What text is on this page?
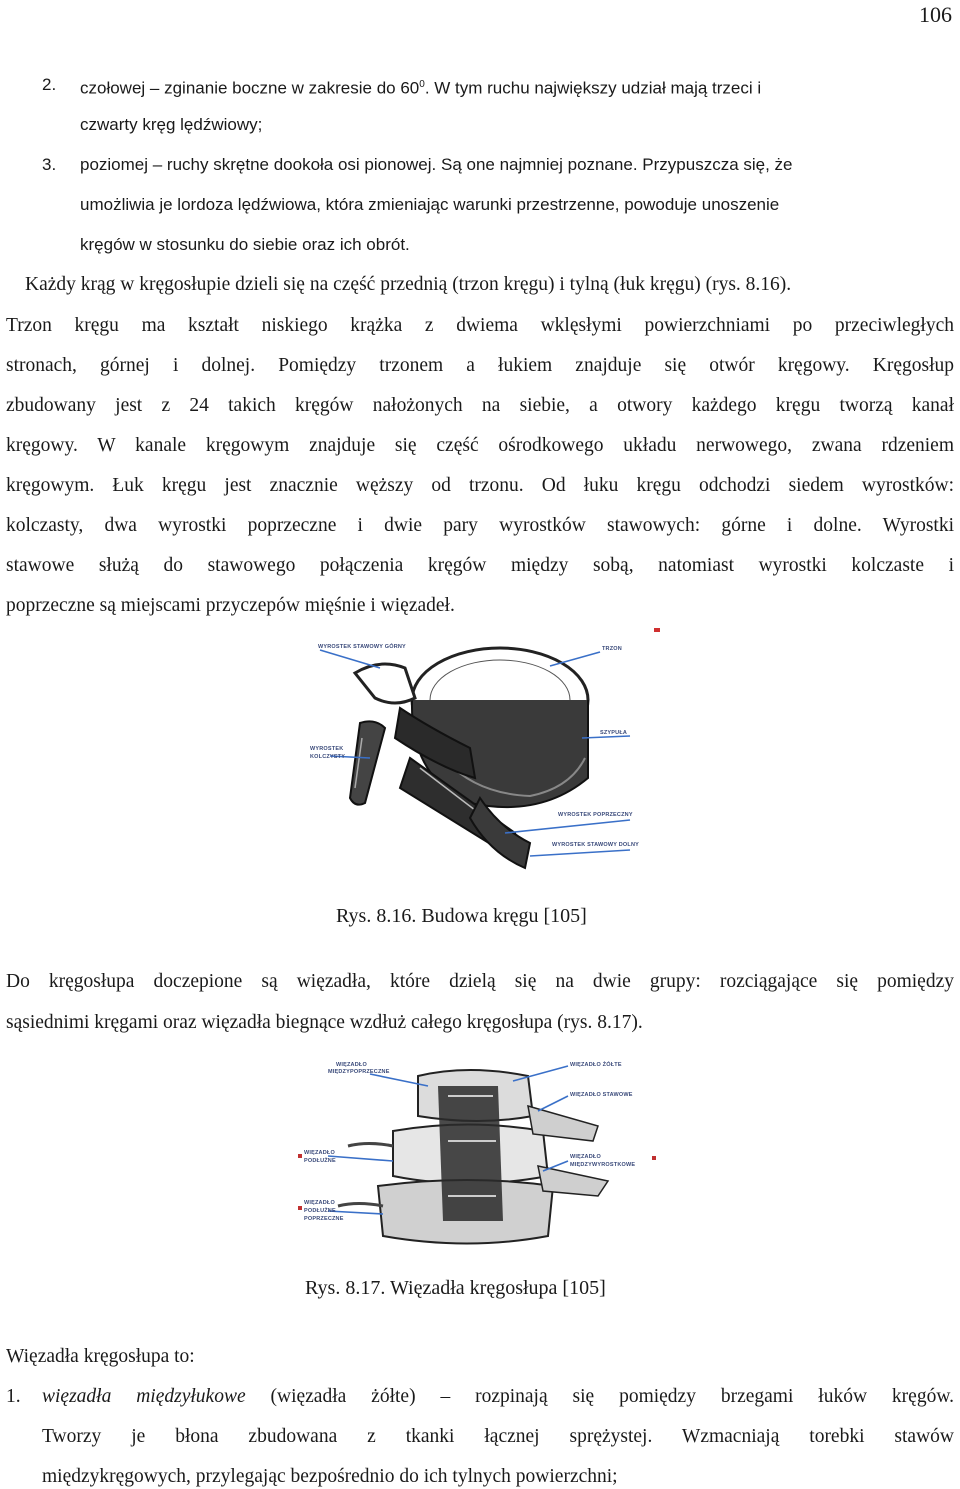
106
2. czołowej – zginanie boczne w zakresie do $60^0$. W tym ruchu największy udział mają trzeci i
czwarty kręg lędźwiowy;
3. poziomej – ruchy skrętne dookoła osi pionowej. Są one najmniej poznane. Przypuszcza się, że
umożliwia je lordoza lędźwiowa, która zmieniając warunki przestrzenne, powoduje unoszenie
kręgów w stosunku do siebie oraz ich obrót.
Każdy krąg w kręgosłupie dzieli się na część przednią (trzon kręgu) i tylną (łuk kręgu) (rys. 8.16).
Trzon kręgu ma kształt niskiego krążka z dwiema wklęsłymi powierzchniami po przeciwległych
stronach, górnej i dolnej. Pomiędzy trzonem a łukiem znajduje się otwór kręgowy. Kręgosłup
zbudowany jest z 24 takich kręgów nałożonych na siebie, a otwory każdego kręgu tworzą kanał
kręgowy. W kanale kręgowym znajduje się część ośrodkowego układu nerwowego, zwana rdzeniem
kręgowym. Łuk kręgu jest znacznie węższy od trzonu. Od łuku kręgu odchodzi siedem wyrostków:
kolczasty, dwa wyrostki poprzeczne i dwie pary wyrostków stawowych: górne i dolne. Wyrostki
stawowe służą do stawowego połączenia kręgów między sobą, natomiast wyrostki kolczaste i
poprzeczne są miejscami przyczepów mięśnie i więzadeł.
WYROSTEK STAWOWY GÓRNY	TRZON
WYROSTEK
KOLCZYSTY
SZYPUŁA
WYROSTEK POPRZECZNY
WYROSTEK STAWOWY DOLNY
Rys. 8.16. Budowa kręgu [105]
Do kręgosłupa doczepione są więzadła, które dzielą się na dwie grupy: rozciągające się pomiędzy
sąsiednimi kręgami oraz więzadła biegnące wzdłuż całego kręgosłupa (rys. 8.17).
WIĘZADŁO
MIĘDZYPOPRZECZNE
WIĘZADŁO ŻÓŁTE
WIĘZADŁO STAWOWE
WIĘZADŁO
PODŁUŻNE
WIĘZADŁO
MIĘDZYWYROSTKOWE
WIĘZADŁO
PODŁUŻNE
POPRZECZNE
Rys. 8.17. Więzadła kręgosłupa [105]
Więzadła kręgosłupa to:
1. więzadła międzyłukowe (więzadła żółte) – rozpinają się pomiędzy brzegami łuków kręgów.
Tworzy je błona zbudowana z tkanki łącznej sprężystej. Wzmacniają torebki stawów
międzykręgowych, przylegając bezpośrednio do ich tylnych powierzchni;
